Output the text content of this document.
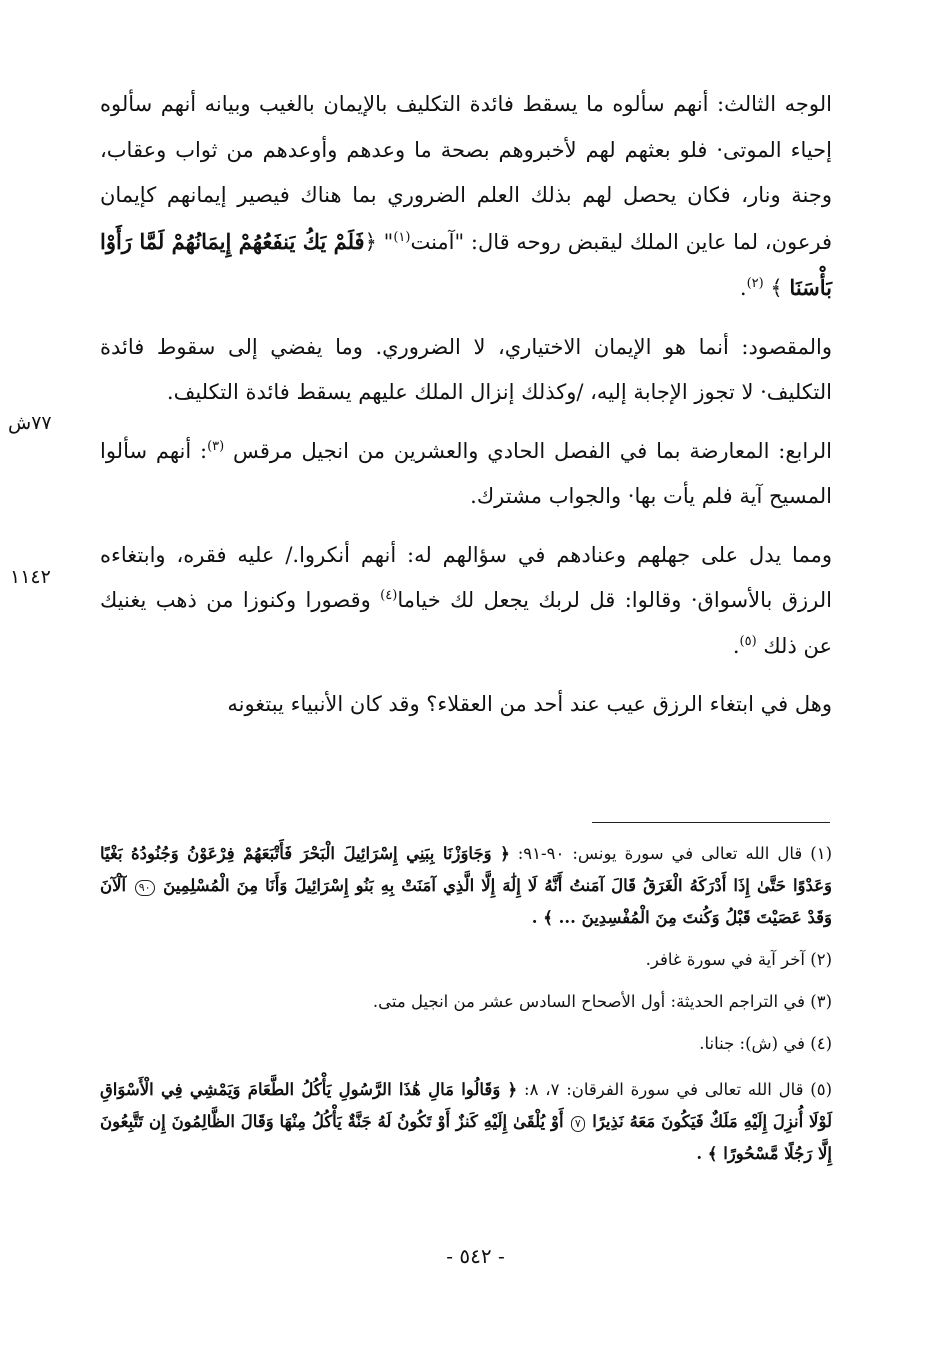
الوجه الثالث: أنهم سألوه ما يسقط فائدة التكليف بالإيمان بالغيب وبيانه أنهم سألوه إحياء الموتى· فلو بعثهم لهم لأخبروهم بصحة ما وعدهم وأوعدهم من ثواب وعقاب، وجنة ونار، فكان يحصل لهم بذلك العلم الضروري بما هناك فيصير إيمانهم كإيمان فرعون، لما عاين الملك ليقبض روحه قال: "آمنت$^{(١)}$" ﴿فَلَمْ يَكُ يَنفَعُهُمْ إِيمَانُهُمْ لَمَّا رَأَوْا بَأْسَنَا ﴾ $^{(٢)}$.

والمقصود: أنما هو الإيمان الاختياري، لا الضروري. وما يفضي إلى سقوط فائدة التكليف· لا تجوز الإجابة إليه، /وكذلك إنزال الملك عليهم يسقط فائدة التكليف.

الرابع: المعارضة بما في الفصل الحادي والعشرين من انجيل مرقس $^{(٣)}$: أنهم سألوا المسيح آية فلم يأت بها· والجواب مشترك.

ومما يدل على جهلهم وعنادهم في سؤالهم له: أنهم أنكروا./ عليه فقره، وابتغاءه الرزق بالأسواق· وقالوا: قل لربك يجعل لك خياما$^{(٤)}$ وقصورا وكنوزا من ذهب يغنيك عن ذلك $^{(٥)}$.

وهل في ابتغاء الرزق عيب عند أحد من العقلاء؟ وقد كان الأنبياء يبتغونه

٧٧ش
١١٤٢
(١) قال الله تعالى في سورة يونس: ٩٠-٩١: ﴿ وَجَاوَزْنَا بِبَنِي إِسْرَائِيلَ الْبَحْرَ فَأَتْبَعَهُمْ فِرْعَوْنُ وَجُنُودُهُ بَغْيًا وَعَدْوًا حَتَّىٰ إِذَا أَدْرَكَهُ الْغَرَقُ قَالَ آمَنتُ أَنَّهُ لَا إِلَٰهَ إِلَّا الَّذِي آمَنَتْ بِهِ بَنُو إِسْرَائِيلَ وَأَنَا مِنَ الْمُسْلِمِينَ ٩٠ آلْآنَ وَقَدْ عَصَيْتَ قَبْلُ وَكُنتَ مِنَ الْمُفْسِدِينَ ... ﴾ .
(٢) آخر آية في سورة غافر.
(٣) في التراجم الحديثة: أول الأصحاح السادس عشر من انجيل متى.
(٤) في (ش): جنانا.
(٥) قال الله تعالى في سورة الفرقان: ٧، ٨: ﴿ وَقَالُوا مَالِ هَٰذَا الرَّسُولِ يَأْكُلُ الطَّعَامَ وَيَمْشِي فِي الْأَسْوَاقِ لَوْلَا أُنزِلَ إِلَيْهِ مَلَكٌ فَيَكُونَ مَعَهُ نَذِيرًا ٧ أَوْ يُلْقَىٰ إِلَيْهِ كَنزٌ أَوْ تَكُونُ لَهُ جَنَّةٌ يَأْكُلُ مِنْهَا وَقَالَ الظَّالِمُونَ إِن تَتَّبِعُونَ إِلَّا رَجُلًا مَّسْحُورًا ﴾ .
- ٥٤٢ -
